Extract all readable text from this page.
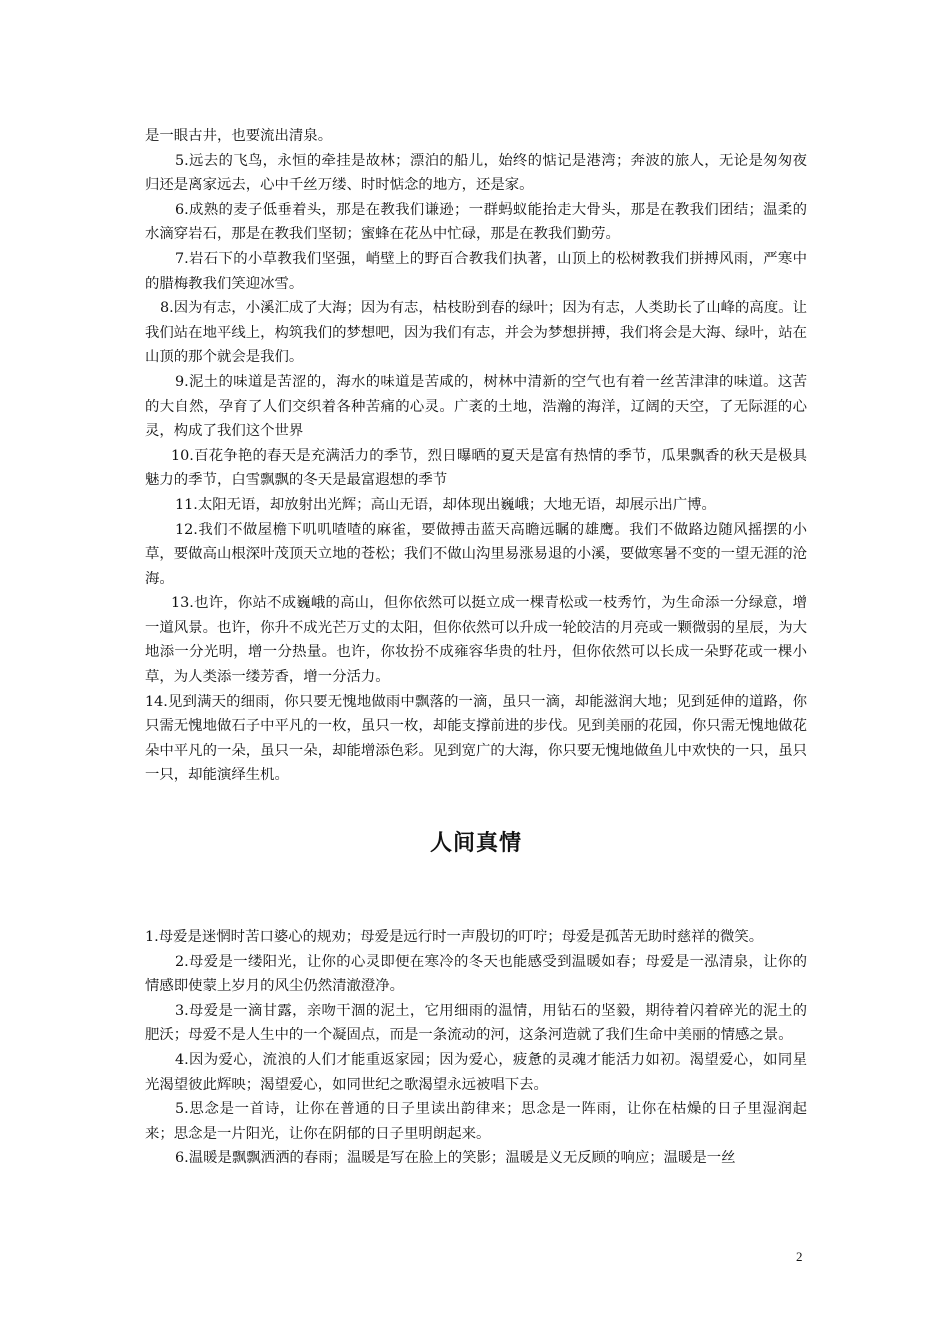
是一眼古井，也要流出清泉。

5.远去的飞鸟，永恒的牵挂是故林；漂泊的船儿，始终的惦记是港湾；奔波的旅人，无论是匆匆夜归还是离家远去，心中千丝万缕、时时惦念的地方，还是家。

6.成熟的麦子低垂着头，那是在教我们谦逊；一群蚂蚁能抬走大骨头，那是在教我们团结；温柔的水滴穿岩石，那是在教我们坚韧；蜜蜂在花丛中忙碌，那是在教我们勤劳。

7.岩石下的小草教我们坚强，峭壁上的野百合教我们执著，山顶上的松树教我们拼搏风雨，严寒中的腊梅教我们笑迎冰雪。

8.因为有志，小溪汇成了大海；因为有志，枯枝盼到春的绿叶；因为有志，人类助长了山峰的高度。让我们站在地平线上，构筑我们的梦想吧，因为我们有志，并会为梦想拼搏，我们将会是大海、绿叶，站在山顶的那个就会是我们。

9.泥土的味道是苦涩的，海水的味道是苦咸的，树林中清新的空气也有着一丝苦津津的味道。这苦的大自然，孕育了人们交织着各种苦痛的心灵。广袤的土地，浩瀚的海洋，辽阔的天空，了无际涯的心灵，构成了我们这个世界

10.百花争艳的春天是充满活力的季节，烈日曝晒的夏天是富有热情的季节，瓜果飘香的秋天是极具魅力的季节，白雪飘飘的冬天是最富遐想的季节

11.太阳无语，却放射出光辉；高山无语，却体现出巍峨；大地无语，却展示出广博。

12.我们不做屋檐下叽叽喳喳的麻雀，要做搏击蓝天高瞻远瞩的雄鹰。我们不做路边随风摇摆的小草，要做高山根深叶茂顶天立地的苍松；我们不做山沟里易涨易退的小溪，要做寒暑不变的一望无涯的沧海。

13.也许，你站不成巍峨的高山，但你依然可以挺立成一棵青松或一枝秀竹，为生命添一分绿意，增一道风景。也许，你升不成光芒万丈的太阳，但你依然可以升成一轮皎洁的月亮或一颗微弱的星辰，为大地添一分光明，增一分热量。也许，你妆扮不成雍容华贵的牡丹，但你依然可以长成一朵野花或一棵小草，为人类添一缕芳香，增一分活力。

14.见到满天的细雨，你只要无愧地做雨中飘落的一滴，虽只一滴，却能滋润大地；见到延伸的道路，你只需无愧地做石子中平凡的一枚，虽只一枚，却能支撑前进的步伐。见到美丽的花园，你只需无愧地做花朵中平凡的一朵，虽只一朵，却能增添色彩。见到宽广的大海，你只要无愧地做鱼儿中欢快的一只，虽只一只，却能演绎生机。

人间真情

1.母爱是迷惘时苦口婆心的规劝；母爱是远行时一声殷切的叮咛；母爱是孤苦无助时慈祥的微笑。

2.母爱是一缕阳光，让你的心灵即便在寒冷的冬天也能感受到温暖如春；母爱是一泓清泉，让你的情感即使蒙上岁月的风尘仍然清澈澄净。

3.母爱是一滴甘露，亲吻干涸的泥土，它用细雨的温情，用钻石的坚毅，期待着闪着碎光的泥土的肥沃；母爱不是人生中的一个凝固点，而是一条流动的河，这条河造就了我们生命中美丽的情感之景。

4.因为爱心，流浪的人们才能重返家园；因为爱心，疲惫的灵魂才能活力如初。渴望爱心，如同星光渴望彼此辉映；渴望爱心，如同世纪之歌渴望永远被唱下去。

5.思念是一首诗，让你在普通的日子里读出韵律来；思念是一阵雨，让你在枯燥的日子里湿润起来；思念是一片阳光，让你在阴郁的日子里明朗起来。

6.温暖是飘飘洒洒的春雨；温暖是写在脸上的笑影；温暖是义无反顾的响应；温暖是一丝

2
